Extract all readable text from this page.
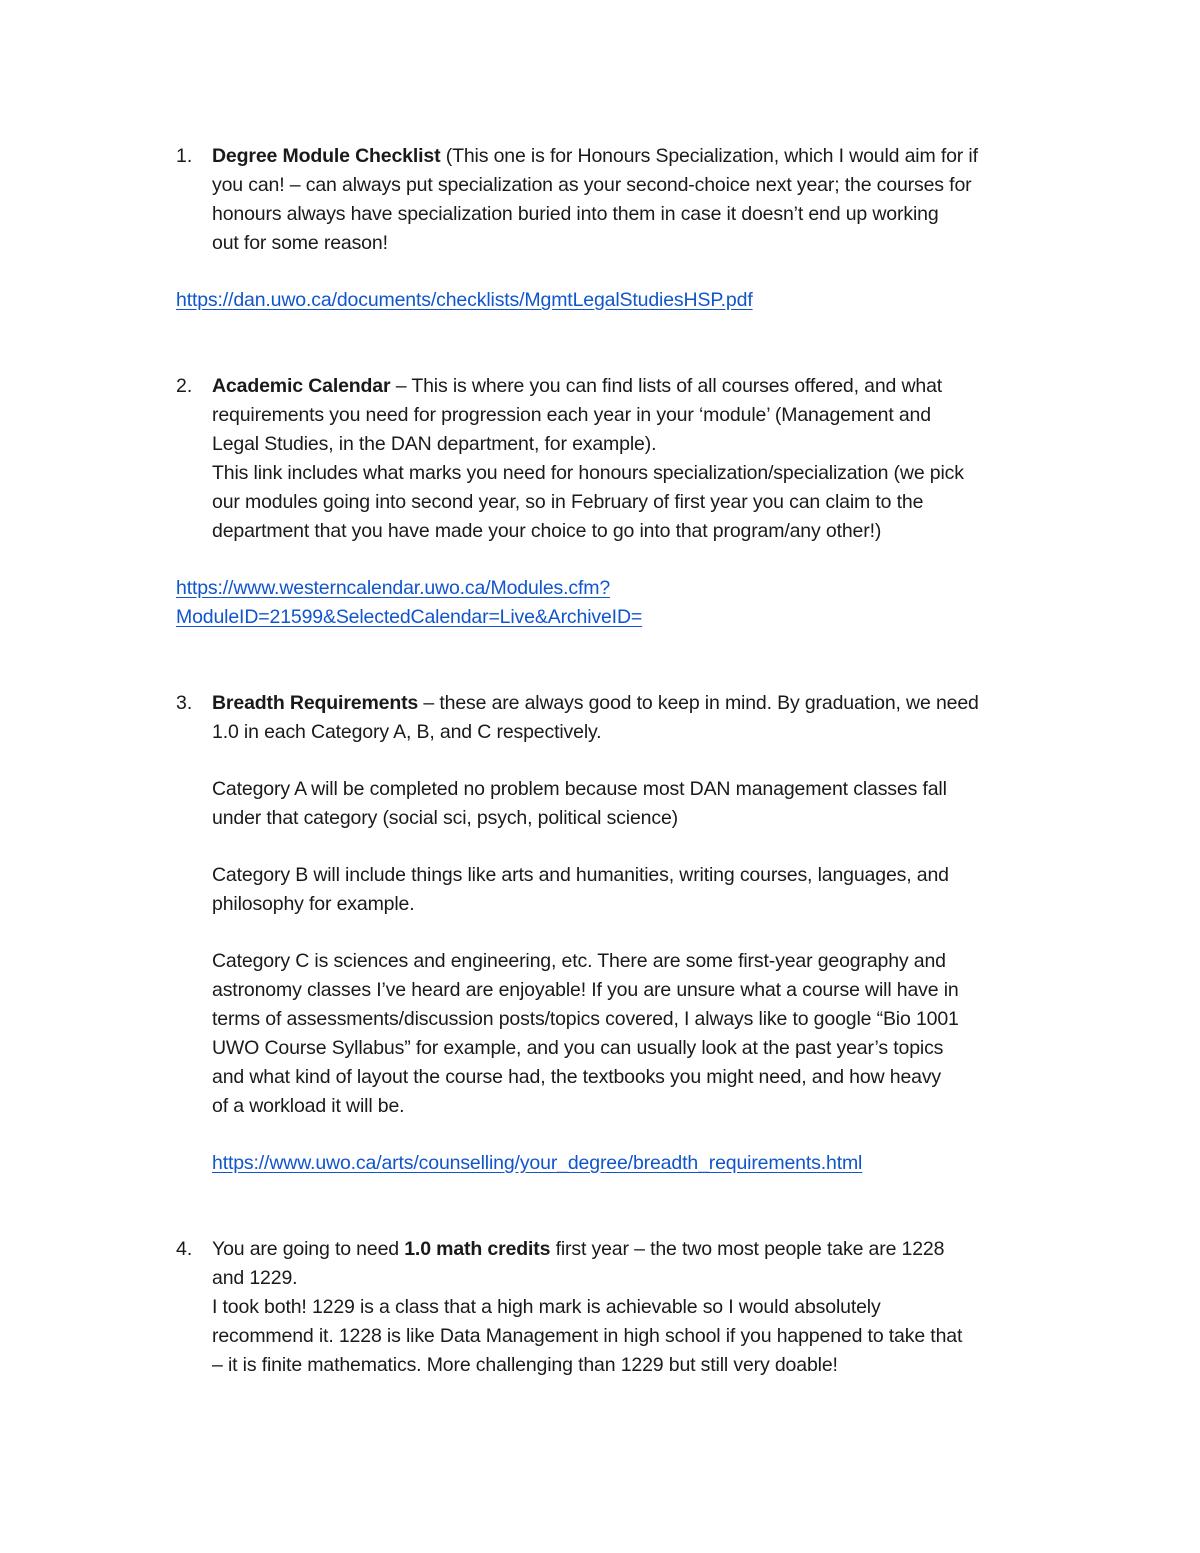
1. Degree Module Checklist (This one is for Honours Specialization, which I would aim for if
you can! – can always put specialization as your second-choice next year; the courses for
honours always have specialization buried into them in case it doesn’t end up working
out for some reason!
https://dan.uwo.ca/documents/checklists/MgmtLegalStudiesHSP.pdf
2. Academic Calendar – This is where you can find lists of all courses offered, and what
requirements you need for progression each year in your ‘module’ (Management and
Legal Studies, in the DAN department, for example).
This link includes what marks you need for honours specialization/specialization (we pick
our modules going into second year, so in February of first year you can claim to the
department that you have made your choice to go into that program/any other!)
https://www.westerncalendar.uwo.ca/Modules.cfm?
ModuleID=21599&SelectedCalendar=Live&ArchiveID=
3. Breadth Requirements – these are always good to keep in mind. By graduation, we need
1.0 in each Category A, B, and C respectively.
Category A will be completed no problem because most DAN management classes fall
under that category (social sci, psych, political science)
Category B will include things like arts and humanities, writing courses, languages, and
philosophy for example.
Category C is sciences and engineering, etc. There are some first-year geography and
astronomy classes I’ve heard are enjoyable! If you are unsure what a course will have in
terms of assessments/discussion posts/topics covered, I always like to google “Bio 1001
UWO Course Syllabus” for example, and you can usually look at the past year’s topics
and what kind of layout the course had, the textbooks you might need, and how heavy
of a workload it will be.
https://www.uwo.ca/arts/counselling/your_degree/breadth_requirements.html
4. You are going to need 1.0 math credits first year – the two most people take are 1228
and 1229.
I took both! 1229 is a class that a high mark is achievable so I would absolutely
recommend it. 1228 is like Data Management in high school if you happened to take that
– it is finite mathematics. More challenging than 1229 but still very doable!
